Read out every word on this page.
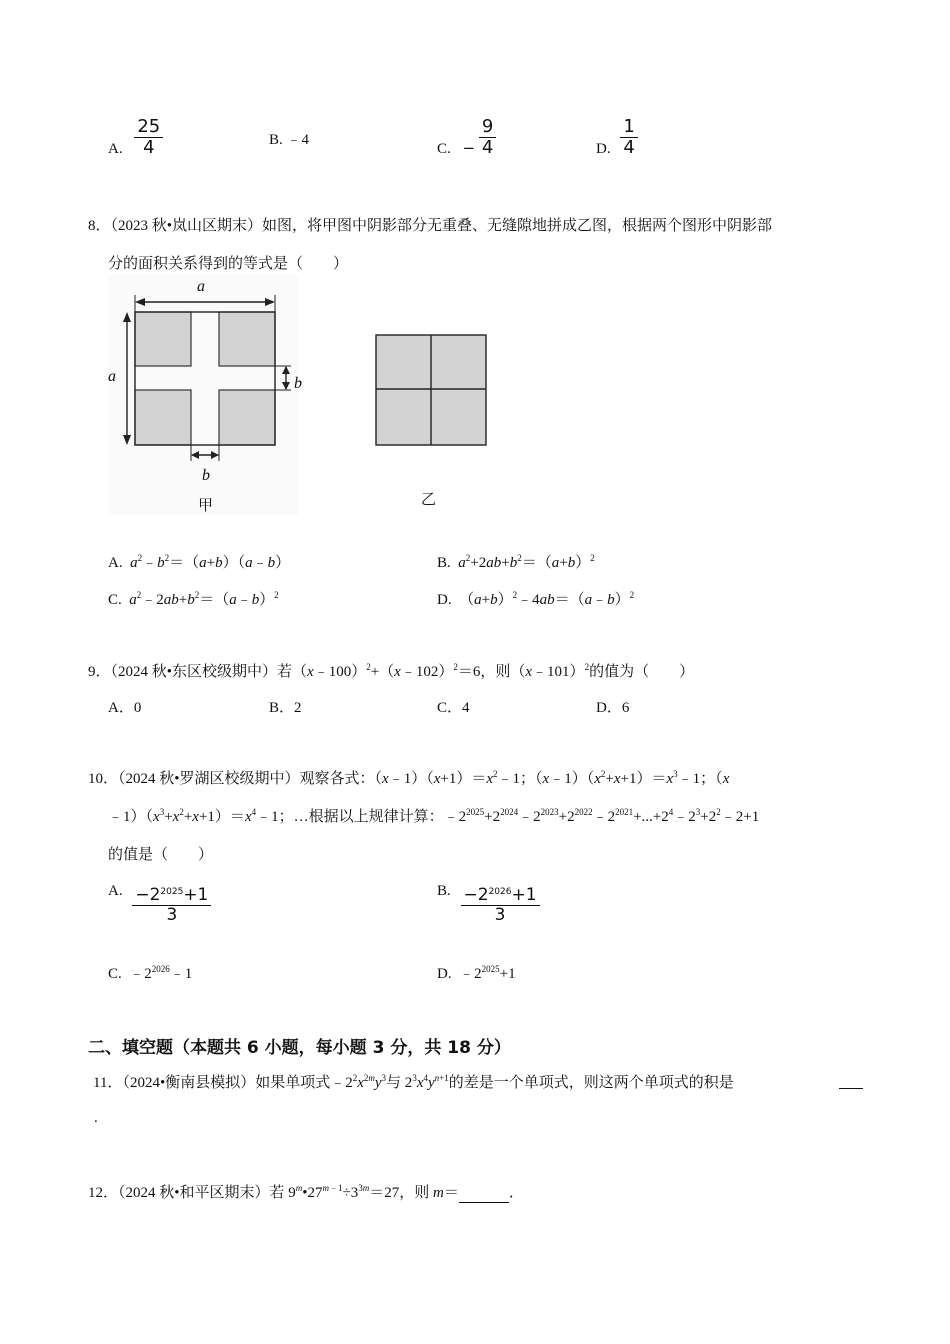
A. $\frac{25}{4}$	B. ﹣4
C. − $\frac{9}{4}$	D. $\frac{1}{4}$
8．（2023 秋•岚山区期末）如图，将甲图中阴影部分无重叠、无缝隙地拼成乙图，根据两个图形中阴影部
分的面积关系得到的等式是（　　）
a
a	b
b
甲	乙
A. $a^2﹣b^2=(a+b)(a﹣b)$	B. $a^2+2ab+b^2=(a+b)^2$
C. $a^2﹣2ab+b^2=(a﹣b)^2$	D.  $(a+b)^2﹣4ab=(a﹣b)^2$
9．（2024 秋•东区校级期中）若（x﹣100）$^2$+（x﹣102）$^2$＝6，则（x﹣101）$^2$的值为（　　）
A．0	B．2	C．4	D．6
10．（2024 秋•罗湖区校级期中）观察各式：$(x﹣1)(x+1)=x^2﹣1$；$(x﹣1)(x^2+x+1)=x^3﹣1$；（x
$﹣1)(x^3+x^2+x+1)=x^4﹣1$；…根据以上规律计算：$﹣2^{2025}+2^{2024}﹣2^{2023}+2^{2022}﹣2^{2021}+...+2^4﹣2^3+2^2﹣2+1$
的值是（　　）
A. $\frac{-2^{2025}+1}{3}$	B. $\frac{-2^{2026}+1}{3}$
C.  $﹣2^{2026}﹣1$	D.  $﹣2^{2025}+1$
二、填空题（本题共 6 小题，每小题 3 分，共 18 分）
11．（2024•衡南县模拟）如果单项式$﹣2^2x^{2m}y^3$与 $2^3x^4y^{n+1}$的差是一个单项式，则这两个单项式的积是
.
12．（2024 秋•和平区期末）若 $9^m•27^{m﹣1}\div 3^{3m}=27$，则 m＝	．
